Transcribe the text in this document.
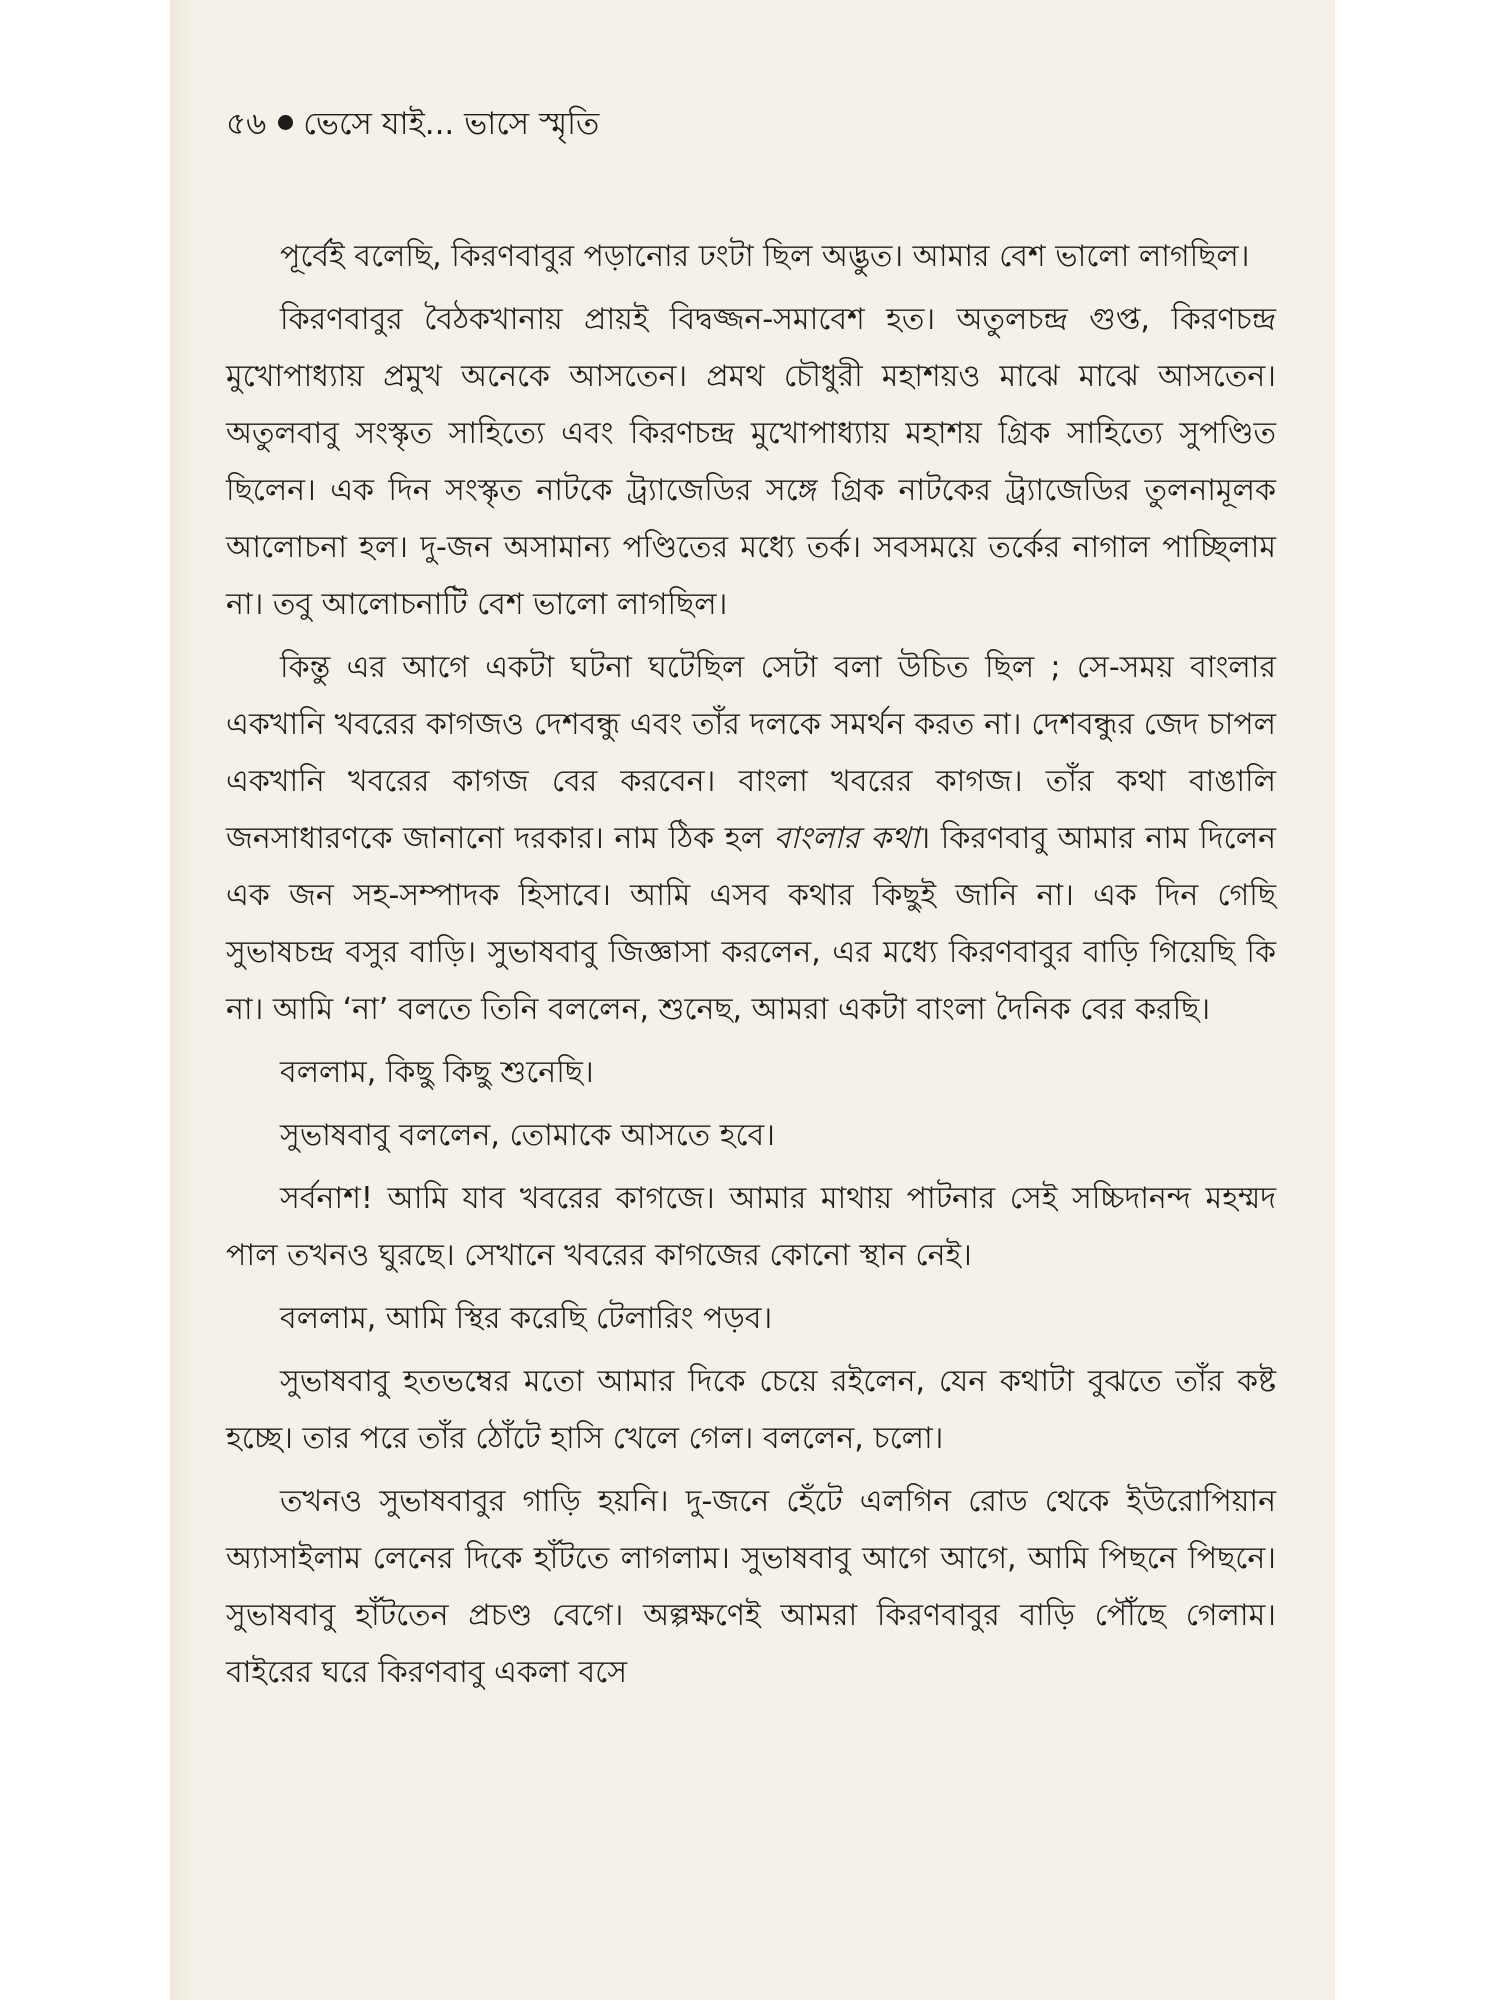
৫৬ ভেসে যাই... ভাসে স্মৃতি

পূর্বেই বলেছি, কিরণবাবুর পড়ানোর ঢংটা ছিল অদ্ভুত। আমার বেশ ভালো লাগছিল।

কিরণবাবুর বৈঠকখানায় প্রায়ই বিদ্বজ্জন-সমাবেশ হত। অতুলচন্দ্র গুপ্ত, কিরণচন্দ্র মুখোপাধ্যায় প্রমুখ অনেকে আসতেন। প্রমথ চৌধুরী মহাশয়ও মাঝে মাঝে আসতেন। অতুলবাবু সংস্কৃত সাহিত্যে এবং কিরণচন্দ্র মুখোপাধ্যায় মহাশয় গ্রিক সাহিত্যে সুপণ্ডিত ছিলেন। এক দিন সংস্কৃত নাটকে ট্র্যাজেডির সঙ্গে গ্রিক নাটকের ট্র্যাজেডির তুলনামূলক আলোচনা হল। দু-জন অসামান্য পণ্ডিতের মধ্যে তর্ক। সবসময়ে তর্কের নাগাল পাচ্ছিলাম না। তবু আলোচনাটি বেশ ভালো লাগছিল।

কিন্তু এর আগে একটা ঘটনা ঘটেছিল সেটা বলা উচিত ছিল ; সে-সময় বাংলার একখানি খবরের কাগজও দেশবন্ধু এবং তাঁর দলকে সমর্থন করত না। দেশবন্ধুর জেদ চাপল একখানি খবরের কাগজ বের করবেন। বাংলা খবরের কাগজ। তাঁর কথা বাঙালি জনসাধারণকে জানানো দরকার। নাম ঠিক হল বাংলার কথা। কিরণবাবু আমার নাম দিলেন এক জন সহ-সম্পাদক হিসাবে। আমি এসব কথার কিছুই জানি না। এক দিন গেছি সুভাষচন্দ্র বসুর বাড়ি। সুভাষবাবু জিজ্ঞাসা করলেন, এর মধ্যে কিরণবাবুর বাড়ি গিয়েছি কি না। আমি ‘না’ বলতে তিনি বললেন, শুনেছ, আমরা একটা বাংলা দৈনিক বের করছি।

বললাম, কিছু কিছু শুনেছি।

সুভাষবাবু বললেন, তোমাকে আসতে হবে।

সর্বনাশ! আমি যাব খবরের কাগজে। আমার মাথায় পাটনার সেই সচ্চিদানন্দ মহম্মদ পাল তখনও ঘুরছে। সেখানে খবরের কাগজের কোনো স্থান নেই।

বললাম, আমি স্থির করেছি টেলারিং পড়ব।

সুভাষবাবু হতভম্বের মতো আমার দিকে চেয়ে রইলেন, যেন কথাটা বুঝতে তাঁর কষ্ট হচ্ছে। তার পরে তাঁর ঠোঁটে হাসি খেলে গেল। বললেন, চলো।

তখনও সুভাষবাবুর গাড়ি হয়নি। দু-জনে হেঁটে এলগিন রোড থেকে ইউরোপিয়ান অ্যাসাইলাম লেনের দিকে হাঁটতে লাগলাম। সুভাষবাবু আগে আগে, আমি পিছনে পিছনে। সুভাষবাবু হাঁটতেন প্রচণ্ড বেগে। অল্পক্ষণেই আমরা কিরণবাবুর বাড়ি পৌঁছে গেলাম। বাইরের ঘরে কিরণবাবু একলা বসে
